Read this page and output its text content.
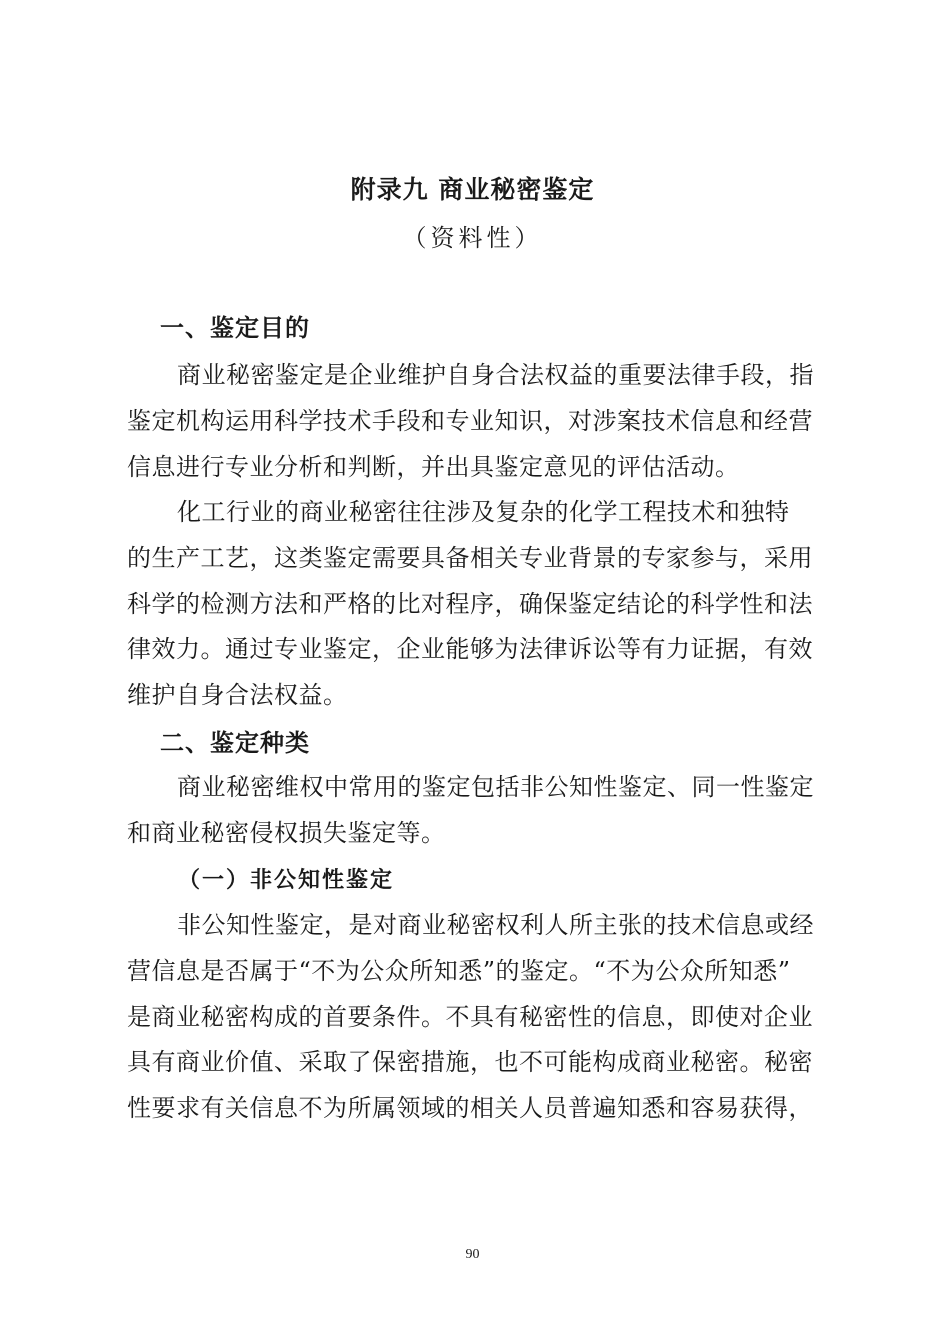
附录九 商业秘密鉴定
（资料性）
一、鉴定目的
商业秘密鉴定是企业维护自身合法权益的重要法律手段，指
鉴定机构运用科学技术手段和专业知识，对涉案技术信息和经营
信息进行专业分析和判断，并出具鉴定意见的评估活动。
化工行业的商业秘密往往涉及复杂的化学工程技术和独特
的生产工艺，这类鉴定需要具备相关专业背景的专家参与，采用
科学的检测方法和严格的比对程序，确保鉴定结论的科学性和法
律效力。通过专业鉴定，企业能够为法律诉讼等有力证据，有效
维护自身合法权益。
二、鉴定种类
商业秘密维权中常用的鉴定包括非公知性鉴定、同一性鉴定
和商业秘密侵权损失鉴定等。
（一）非公知性鉴定
非公知性鉴定，是对商业秘密权利人所主张的技术信息或经
营信息是否属于“不为公众所知悉”的鉴定。“不为公众所知悉”
是商业秘密构成的首要条件。不具有秘密性的信息，即使对企业
具有商业价值、采取了保密措施，也不可能构成商业秘密。秘密
性要求有关信息不为所属领域的相关人员普遍知悉和容易获得，
90
